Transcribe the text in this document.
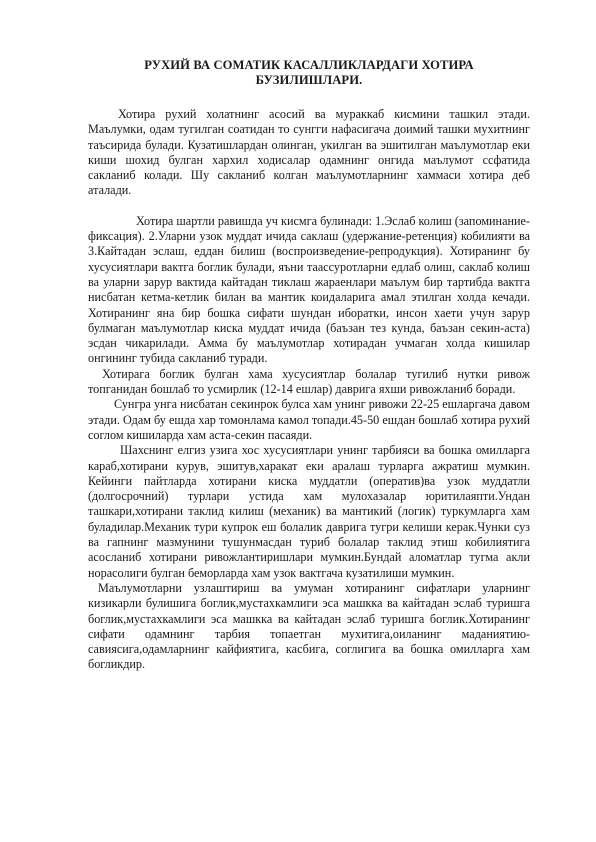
РУХИЙ ВА СОМАТИК КАСАЛЛИКЛАРДАГИ ХОТИРА
БУЗИЛИШЛАРИ.

Хотира рухий холатнинг асосий ва мураккаб кисмини ташкил этади. Маълумки, одам тугилган соатидан то сунгги нафасигача доимий ташки мухитнинг таъсирида булади. Кузатишлардан олинган, укилган ва эшитилган маълумотлар еки киши шохид булган хархил ходисалар одамнинг онгида маълумот ссфатида сакланиб колади. Шу сакланиб колган маълумотларнинг хаммаси хотира деб аталади.

Хотира шартли равишда уч кисмга булинади: 1.Эслаб колиш (запоминание-фиксация). 2.Уларни узок муддат ичида саклаш (удержание-ретенция) кобилияти ва 3.Кайтадан эслаш, еддан билиш (воспроизведение-репродукция). Хотиранинг бу хусусиятлари вактга боглик булади, яъни таассуротларни едлаб олиш, саклаб колиш ва уларни зарур вактида кайтадан тиклаш жараенлари маълум бир тартибда вактга нисбатан кетма-кетлик билан ва мантик коидаларига амал этилган холда кечади. Хотиранинг яна бир бошка сифати шундан иборатки, инсон хаети учун зарур булмаган маълумотлар киска муддат ичида (баъзан тез кунда, баъзан секин-аста) эсдан чикарилади. Амма бу маълумотлар хотирадан учмаган холда кишилар онгининг тубида сакланиб туради.

Хотирага боглик булган хама хусусиятлар болалар тугилиб нутки ривож топганидан бошлаб то усмирлик (12-14 ешлар) даврига яхши ривожланиб боради.

Сунгра унга нисбатан секинрок булса хам унинг ривожи 22-25 ешларгача давом этади. Одам бу ешда хар томонлама камол топади.45-50 ешдан бошлаб хотира рухий соглом кишиларда хам аста-секин пасаяди.

Шахснинг елгиз узига хос хусусиятлари унинг тарбияси ва бошка омилларга караб,хотирани курув, эшитув,харакат еки аралаш турларга ажратиш мумкин. Кейинги пайтларда хотирани киска муддатли (оператив)ва узок муддатли (долгосрочний) турлари устида хам мулохазалар юритилаяпти.Ундан ташкари,хотирани таклид килиш (механик) ва мантикий (логик) туркумларга хам буладилар.Механик тури купрок еш болалик даврига тугри келиши керак.Чунки суз ва гапнинг мазмунини тушунмасдан туриб болалар таклид этиш кобилиятига асосланиб хотирани ривожлантиришлари мумкин.Бундай аломатлар тугма акли норасолиги булган беморларда хам узок вактгача кузатилиши мумкин.

Маълумотларни узлаштириш ва умуман хотиранинг сифатлари уларнинг кизикарли булишига боглик,мустахкамлиги эса машкка ва кайтадан эслаб туришга боглик,мустахкамлиги эса машкка ва кайтадан эслаб туришга боглик.Хотиранинг сифати одамнинг тарбия топаетган мухитига,оиланинг маданиятию-савиясига,одамларнинг кайфиятига, касбига, соглигига ва бошка омилларга хам богликдир.
